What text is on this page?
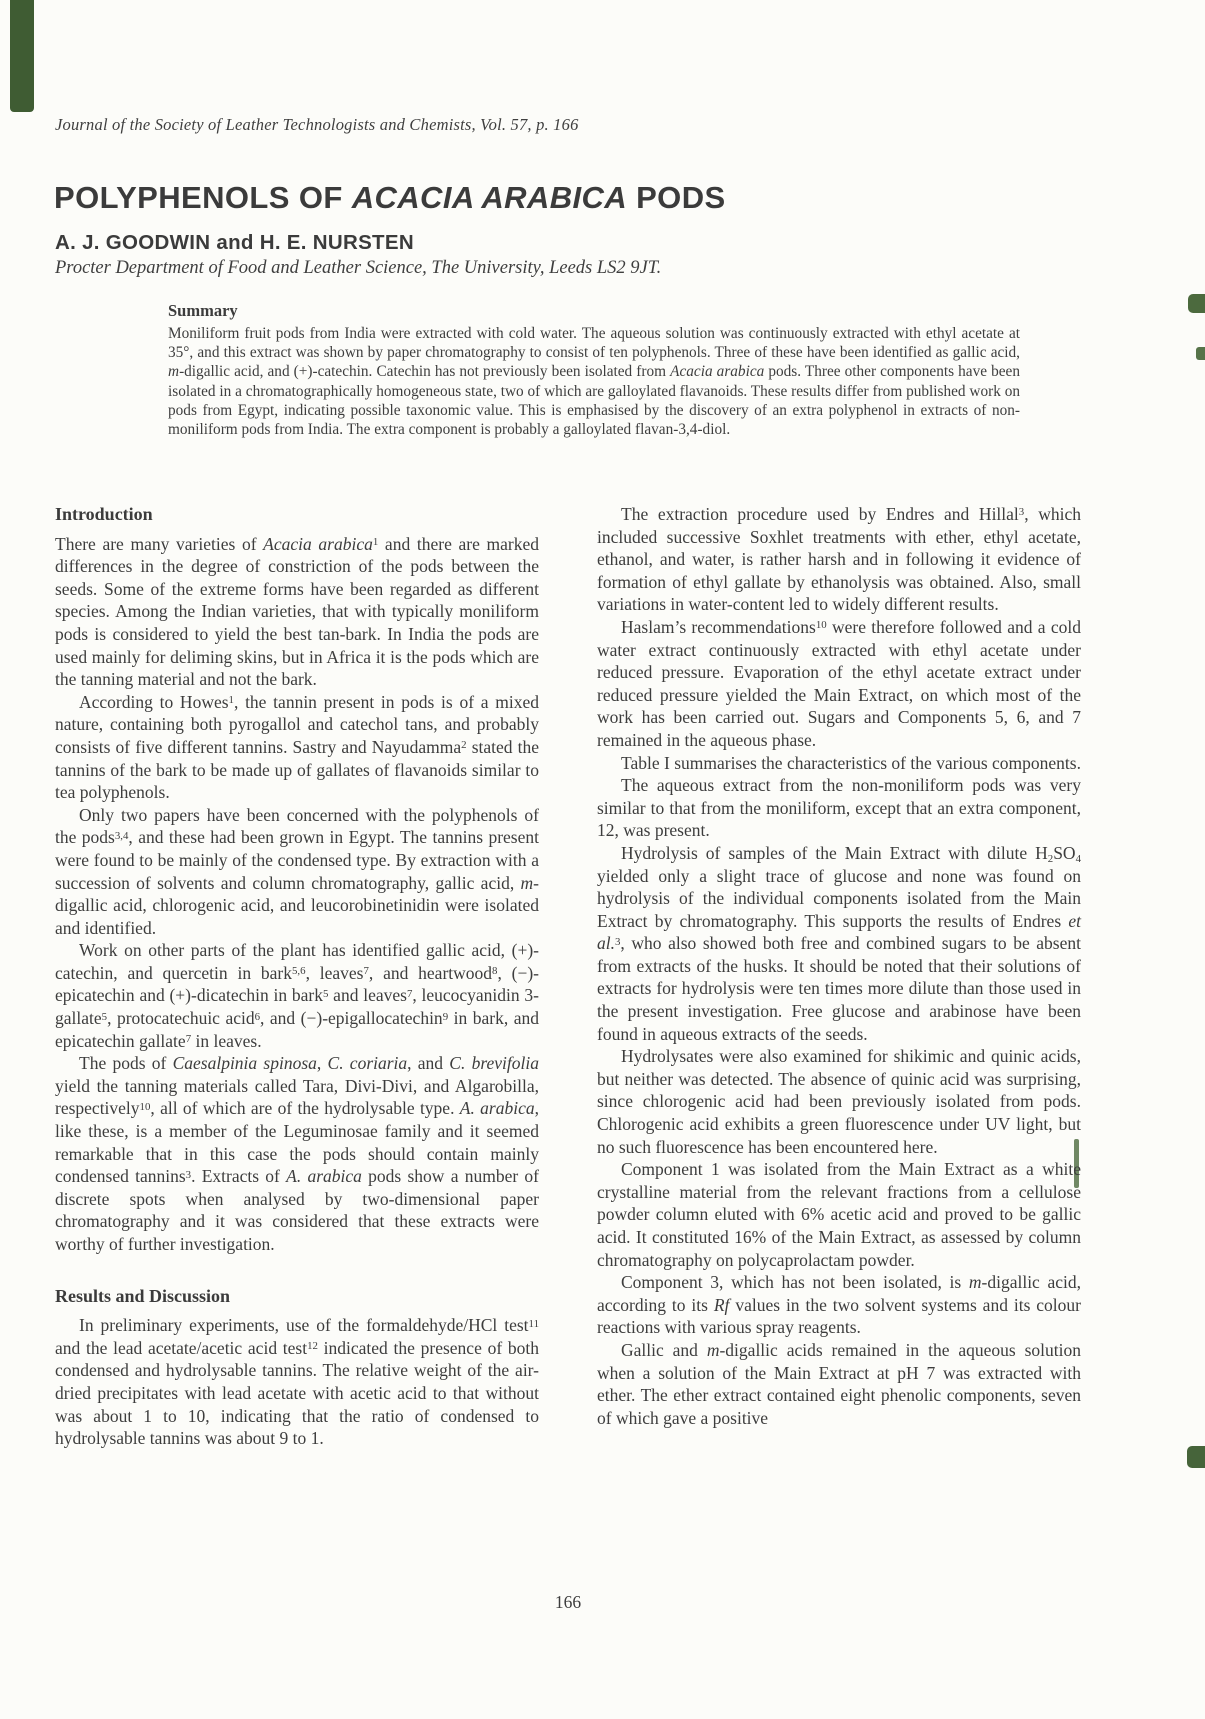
Journal of the Society of Leather Technologists and Chemists, Vol. 57, p. 166
POLYPHENOLS OF ACACIA ARABICA PODS
A. J. GOODWIN and H. E. NURSTEN
Procter Department of Food and Leather Science, The University, Leeds LS2 9JT.
Summary

Moniliform fruit pods from India were extracted with cold water. The aqueous solution was continuously extracted with ethyl acetate at 35°, and this extract was shown by paper chromatography to consist of ten polyphenols. Three of these have been identified as gallic acid, m-digallic acid, and (+)-catechin. Catechin has not previously been isolated from Acacia arabica pods. Three other components have been isolated in a chromatographically homogeneous state, two of which are galloylated flavanoids. These results differ from published work on pods from Egypt, indicating possible taxonomic value. This is emphasised by the discovery of an extra polyphenol in extracts of non-moniliform pods from India. The extra component is probably a galloylated flavan-3,4-diol.

Introduction

There are many varieties of Acacia arabica$^1$ and there are marked differences in the degree of constriction of the pods between the seeds. Some of the extreme forms have been regarded as different species. Among the Indian varieties, that with typically moniliform pods is considered to yield the best tan-bark. In India the pods are used mainly for deliming skins, but in Africa it is the pods which are the tanning material and not the bark.

According to Howes$^1$, the tannin present in pods is of a mixed nature, containing both pyrogallol and catechol tans, and probably consists of five different tannins. Sastry and Nayudamma$^2$ stated the tannins of the bark to be made up of gallates of flavanoids similar to tea polyphenols.

Only two papers have been concerned with the polyphenols of the pods$^{3,4}$, and these had been grown in Egypt. The tannins present were found to be mainly of the condensed type. By extraction with a succession of solvents and column chromatography, gallic acid, m-digallic acid, chlorogenic acid, and leucorobinetinidin were isolated and identified.

Work on other parts of the plant has identified gallic acid, (+)-catechin, and quercetin in bark$^{5,6}$, leaves$^7$, and heartwood$^8$, (−)-epicatechin and (+)-dicatechin in bark$^5$ and leaves$^7$, leucocyanidin 3-gallate$^5$, protocatechuic acid$^6$, and (−)-epigallocatechin$^9$ in bark, and epicatechin gallate$^7$ in leaves.

The pods of Caesalpinia spinosa, C. coriaria, and C. brevifolia yield the tanning materials called Tara, Divi-Divi, and Algarobilla, respectively$^{10}$, all of which are of the hydrolysable type. A. arabica, like these, is a member of the Leguminosae family and it seemed remarkable that in this case the pods should contain mainly condensed tannins$^3$. Extracts of A. arabica pods show a number of discrete spots when analysed by two-dimensional paper chromatography and it was considered that these extracts were worthy of further investigation.

Results and Discussion

In preliminary experiments, use of the formaldehyde/HCl test$^{11}$ and the lead acetate/acetic acid test$^{12}$ indicated the presence of both condensed and hydrolysable tannins. The relative weight of the air-dried precipitates with lead acetate with acetic acid to that without was about 1 to 10, indicating that the ratio of condensed to hydrolysable tannins was about 9 to 1.

The extraction procedure used by Endres and Hillal$^3$, which included successive Soxhlet treatments with ether, ethyl acetate, ethanol, and water, is rather harsh and in following it evidence of formation of ethyl gallate by ethanolysis was obtained. Also, small variations in water-content led to widely different results.

Haslam’s recommendations$^{10}$ were therefore followed and a cold water extract continuously extracted with ethyl acetate under reduced pressure. Evaporation of the ethyl acetate extract under reduced pressure yielded the Main Extract, on which most of the work has been carried out. Sugars and Components 5, 6, and 7 remained in the aqueous phase.

Table I summarises the characteristics of the various components.

The aqueous extract from the non-moniliform pods was very similar to that from the moniliform, except that an extra component, 12, was present.

Hydrolysis of samples of the Main Extract with dilute $H_2SO_4$ yielded only a slight trace of glucose and none was found on hydrolysis of the individual components isolated from the Main Extract by chromatography. This supports the results of Endres et al.$^3$, who also showed both free and combined sugars to be absent from extracts of the husks. It should be noted that their solutions of extracts for hydrolysis were ten times more dilute than those used in the present investigation. Free glucose and arabinose have been found in aqueous extracts of the seeds.

Hydrolysates were also examined for shikimic and quinic acids, but neither was detected. The absence of quinic acid was surprising, since chlorogenic acid had been previously isolated from pods. Chlorogenic acid exhibits a green fluorescence under UV light, but no such fluorescence has been encountered here.

Component 1 was isolated from the Main Extract as a white crystalline material from the relevant fractions from a cellulose powder column eluted with 6% acetic acid and proved to be gallic acid. It constituted 16% of the Main Extract, as assessed by column chromatography on polycaprolactam powder.

Component 3, which has not been isolated, is m-digallic acid, according to its Rf values in the two solvent systems and its colour reactions with various spray reagents.

Gallic and m-digallic acids remained in the aqueous solution when a solution of the Main Extract at pH 7 was extracted with ether. The ether extract contained eight phenolic components, seven of which gave a positive

166
